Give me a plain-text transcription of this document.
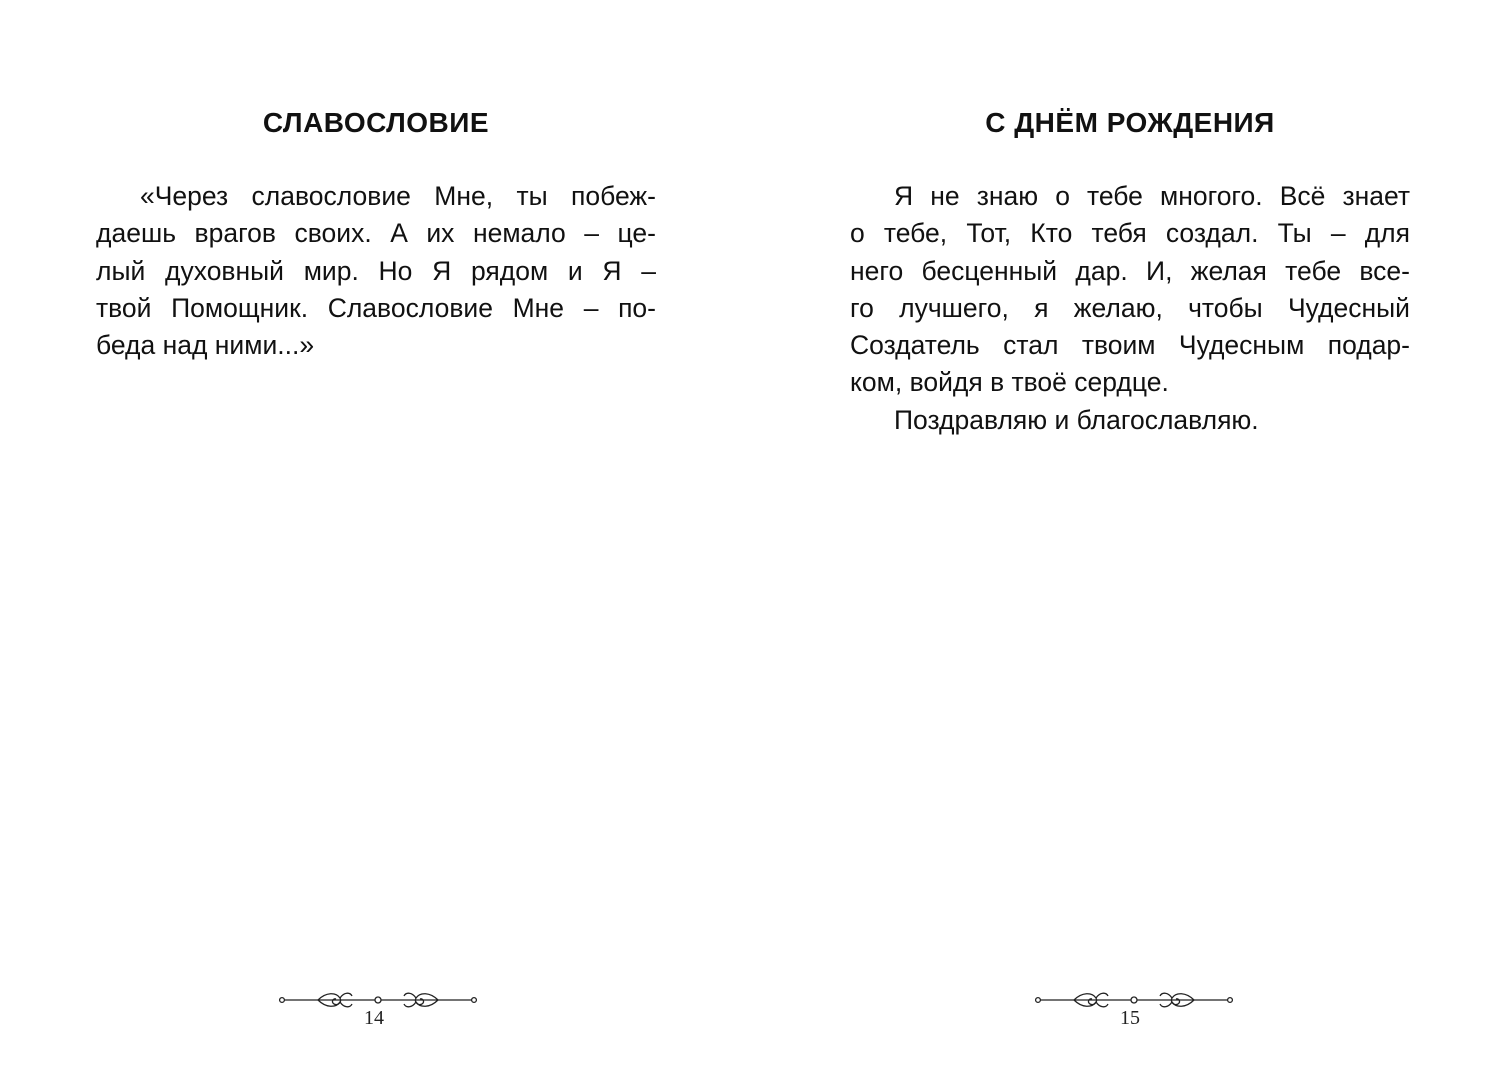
СЛАВОСЛОВИЕ

«Через славословие Мне, ты побеж-
даешь врагов своих. А их немало – це-
лый духовный мир. Но Я рядом и Я –
твой Помощник. Славословие Мне – по-
беда над ними...»

14
С ДНЁМ РОЖДЕНИЯ

Я не знаю о тебе многого. Всё знает
о тебе, Тот, Кто тебя создал. Ты – для
него бесценный дар. И, желая тебе все-
го лучшего, я желаю, чтобы Чудесный
Создатель стал твоим Чудесным подар-
ком, войдя в твоё сердце.
Поздравляю и благославляю.

15
